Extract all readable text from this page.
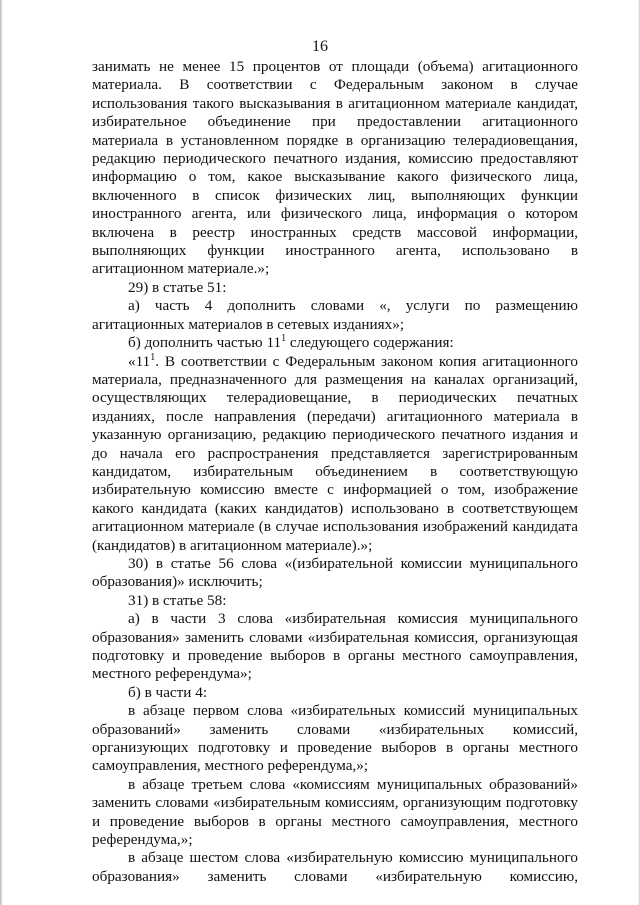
16

занимать не менее 15 процентов от площади (объема) агитационного материала. В соответствии с Федеральным законом в случае использования такого высказывания в агитационном материале кандидат, избирательное объединение при предоставлении агитационного материала в установленном порядке в организацию телерадиовещания, редакцию периодического печатного издания, комиссию предоставляют информацию о том, какое высказывание какого физического лица, включенного в список физических лиц, выполняющих функции иностранного агента, или физического лица, информация о котором включена в реестр иностранных средств массовой информации, выполняющих функции иностранного агента, использовано в агитационном материале.»;

29) в статье 51:

а) часть 4 дополнить словами «, услуги по размещению агитационных материалов в сетевых изданиях»;

б) дополнить частью $11^1$ следующего содержания:

«$11^1$. В соответствии с Федеральным законом копия агитационного материала, предназначенного для размещения на каналах организаций, осуществляющих телерадиовещание, в периодических печатных изданиях, после направления (передачи) агитационного материала в указанную организацию, редакцию периодического печатного издания и до начала его распространения представляется зарегистрированным кандидатом, избирательным объединением в соответствующую избирательную комиссию вместе с информацией о том, изображение какого кандидата (каких кандидатов) использовано в соответствующем агитационном материале (в случае использования изображений кандидата (кандидатов) в агитационном материале).»;

30) в статье 56 слова «(избирательной комиссии муниципального образования)» исключить;

31) в статье 58:

а) в части 3 слова «избирательная комиссия муниципального образования» заменить словами «избирательная комиссия, организующая подготовку и проведение выборов в органы местного самоуправления, местного референдума»;

б) в части 4:

в абзаце первом слова «избирательных комиссий муниципальных образований» заменить словами «избирательных комиссий, организующих подготовку и проведение выборов в органы местного самоуправления, местного референдума,»;

в абзаце третьем слова «комиссиям муниципальных образований» заменить словами «избирательным комиссиям, организующим подготовку и проведение выборов в органы местного самоуправления, местного референдума,»;

в абзаце шестом слова «избирательную комиссию муниципального образования» заменить словами «избирательную комиссию,
